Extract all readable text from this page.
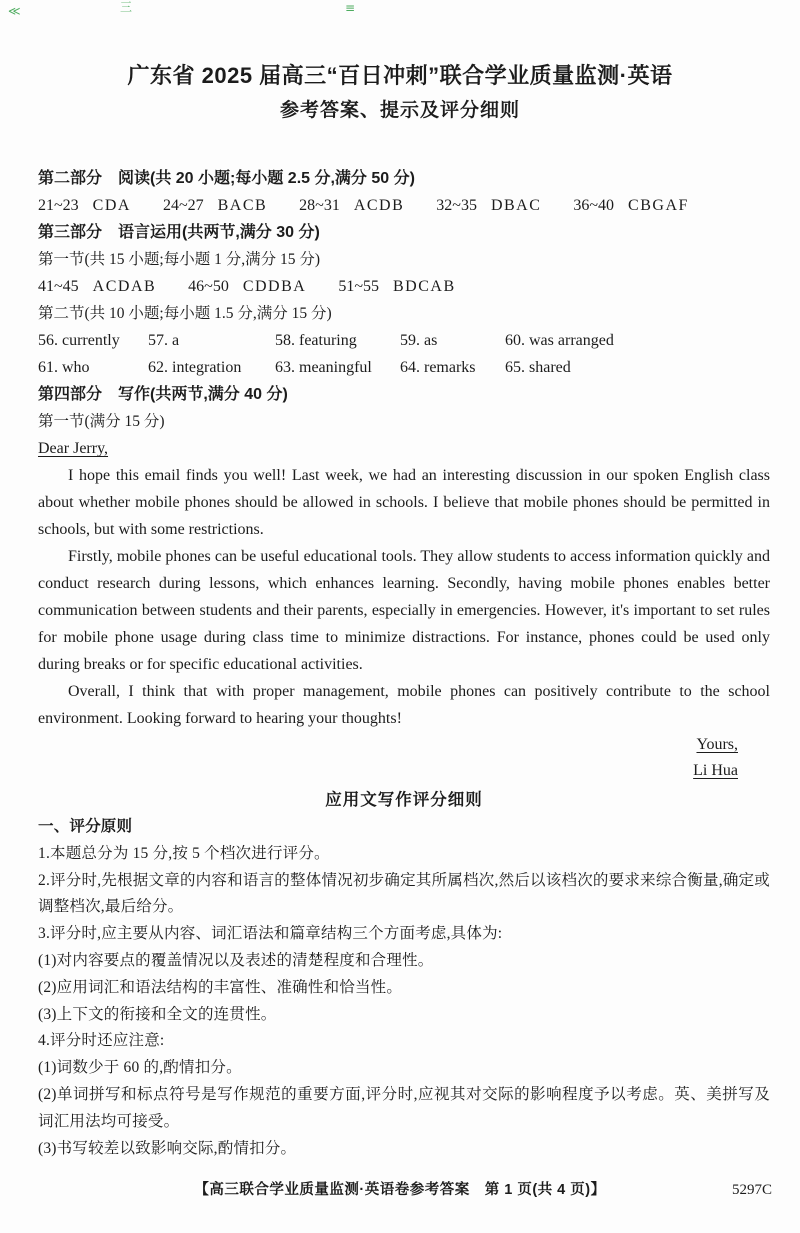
≪	三	≡
广东省 2025 届高三“百日冲刺”联合学业质量监测·英语
参考答案、提示及评分细则
第二部分　阅读(共 20 小题;每小题 2.5 分,满分 50 分)
21~23 CDA 24~27 BACB 28~31 ACDB 32~35 DBAC 36~40 CBGAF
第三部分　语言运用(共两节,满分 30 分)
第一节(共 15 小题;每小题 1 分,满分 15 分)
41~45 ACDAB 46~50 CDDBA 51~55 BDCAB
第二节(共 10 小题;每小题 1.5 分,满分 15 分)
56. currently	57. a	58. featuring	59. as	60. was arranged
61. who	62. integration	63. meaningful	64. remarks	65. shared
第四部分　写作(共两节,满分 40 分)
第一节(满分 15 分)
Dear Jerry,

I hope this email finds you well! Last week, we had an interesting discussion in our spoken English class about whether mobile phones should be allowed in schools. I believe that mobile phones should be permitted in schools, but with some restrictions.

Firstly, mobile phones can be useful educational tools. They allow students to access information quickly and conduct research during lessons, which enhances learning. Secondly, having mobile phones enables better communication between students and their parents, especially in emergencies. However, it's important to set rules for mobile phone usage during class time to minimize distractions. For instance, phones could be used only during breaks or for specific educational activities.

Overall, I think that with proper management, mobile phones can positively contribute to the school environment. Looking forward to hearing your thoughts!

Yours,
Li Hua
应用文写作评分细则
一、评分原则
1.本题总分为 15 分,按 5 个档次进行评分。
2.评分时,先根据文章的内容和语言的整体情况初步确定其所属档次,然后以该档次的要求来综合衡量,确定或调整档次,最后给分。
3.评分时,应主要从内容、词汇语法和篇章结构三个方面考虑,具体为:
(1)对内容要点的覆盖情况以及表述的清楚程度和合理性。
(2)应用词汇和语法结构的丰富性、准确性和恰当性。
(3)上下文的衔接和全文的连贯性。
4.评分时还应注意:
(1)词数少于 60 的,酌情扣分。
(2)单词拼写和标点符号是写作规范的重要方面,评分时,应视其对交际的影响程度予以考虑。英、美拼写及词汇用法均可接受。
(3)书写较差以致影响交际,酌情扣分。
【高三联合学业质量监测·英语卷参考答案　第 1 页(共 4 页)】	5297C
